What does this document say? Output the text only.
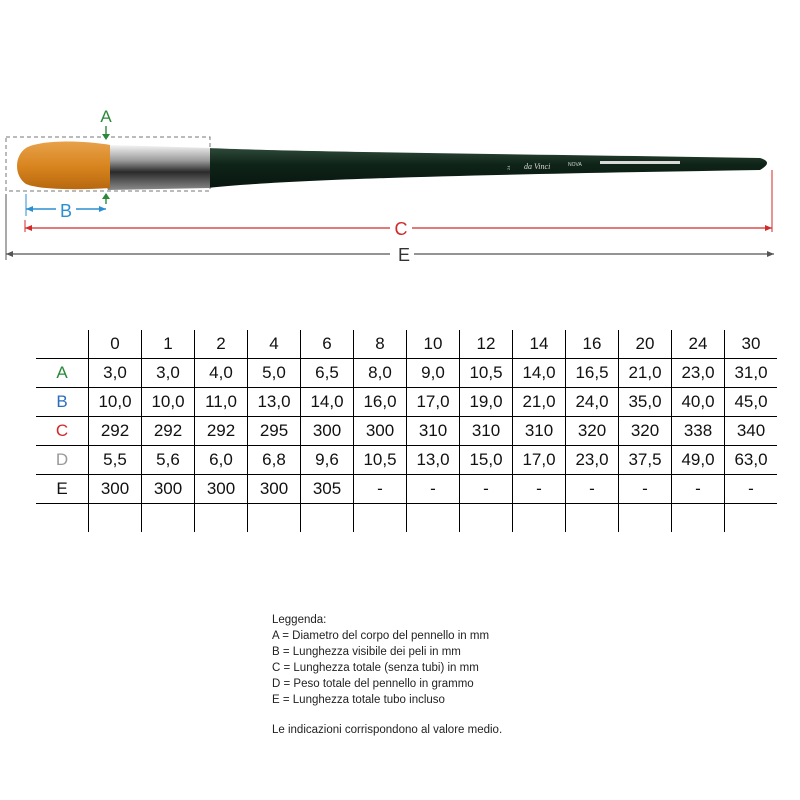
24 da Vinci	NOVA
A
B
C
E
	0	1	2	4	6	8	10	12	14	16	20	24	30
A	3,0	3,0	4,0	5,0	6,5	8,0	9,0	10,5	14,0	16,5	21,0	23,0	31,0
B	10,0	10,0	11,0	13,0	14,0	16,0	17,0	19,0	21,0	24,0	35,0	40,0	45,0
C	292	292	292	295	300	300	310	310	310	320	320	338	340
D	5,5	5,6	6,0	6,8	9,6	10,5	13,0	15,0	17,0	23,0	37,5	49,0	63,0
E	300	300	300	300	305	-	-	-	-	-	-	-	-

Leggenda:
A = Diametro del corpo del pennello in mm
B = Lunghezza visibile dei peli in mm
C = Lunghezza totale (senza tubi) in mm
D = Peso totale del pennello in grammo
E = Lunghezza totale tubo incluso
Le indicazioni corrispondono al valore medio.
